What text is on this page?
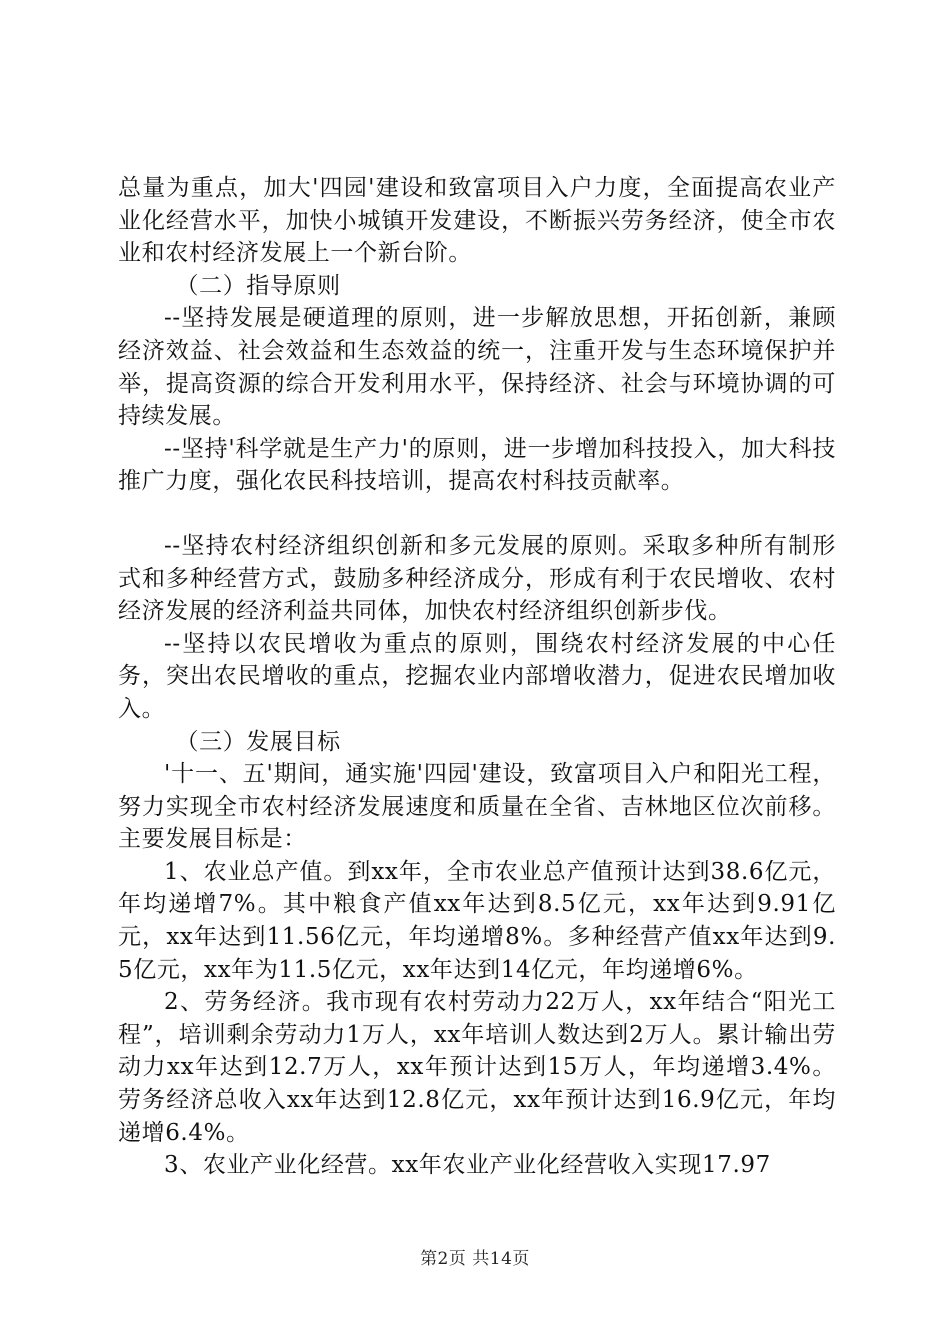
总量为重点，加大'四园'建设和致富项目入户力度，全面提高农业产业化经营水平，加快小城镇开发建设，不断振兴劳务经济，使全市农业和农村经济发展上一个新台阶。

（二）指导原则

--坚持发展是硬道理的原则，进一步解放思想，开拓创新，兼顾经济效益、社会效益和生态效益的统一，注重开发与生态环境保护并举，提高资源的综合开发利用水平，保持经济、社会与环境协调的可持续发展。

--坚持'科学就是生产力'的原则，进一步增加科技投入，加大科技推广力度，强化农民科技培训，提高农村科技贡献率。

--坚持农村经济组织创新和多元发展的原则。采取多种所有制形式和多种经营方式，鼓励多种经济成分，形成有利于农民增收、农村经济发展的经济利益共同体，加快农村经济组织创新步伐。

--坚持以农民增收为重点的原则，围绕农村经济发展的中心任务，突出农民增收的重点，挖掘农业内部增收潜力，促进农民增加收入。

（三）发展目标

'十一、五'期间，通实施'四园'建设，致富项目入户和阳光工程，努力实现全市农村经济发展速度和质量在全省、吉林地区位次前移。主要发展目标是：

1、农业总产值。到xx年，全市农业总产值预计达到38.6亿元，年均递增7%。其中粮食产值xx年达到8.5亿元，xx年达到9.91亿元，xx年达到11.56亿元，年均递增8%。多种经营产值xx年达到9.5亿元，xx年为11.5亿元，xx年达到14亿元，年均递增6%。

2、劳务经济。我市现有农村劳动力22万人，xx年结合“阳光工程”，培训剩余劳动力1万人，xx年培训人数达到2万人。累计输出劳动力xx年达到12.7万人，xx年预计达到15万人，年均递增3.4%。劳务经济总收入xx年达到12.8亿元，xx年预计达到16.9亿元，年均递增6.4%。

3、农业产业化经营。xx年农业产业化经营收入实现17.97

第2页 共14页
